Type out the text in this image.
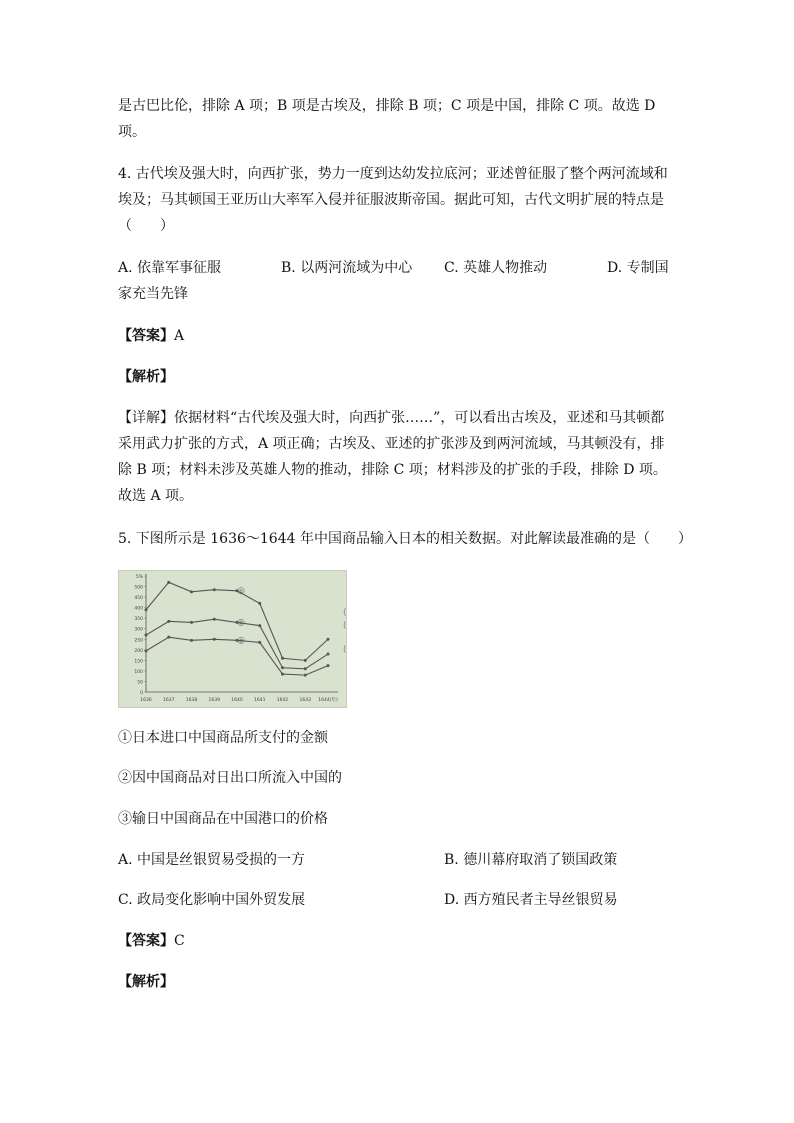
是古巴比伦，排除 A 项；B 项是古埃及，排除 B 项；C 项是中国，排除 C 项。故选 D
项。
4. 古代埃及强大时，向西扩张，势力一度到达幼发拉底河；亚述曾征服了整个两河流域和
埃及；马其顿国王亚历山大率军入侵并征服波斯帝国。据此可知，古代文明扩展的特点是
（　　）
A. 依靠军事征服	B. 以两河流域为中心 C. 英雄人物推动	D. 专制国
家充当先锋
【答案】A
【解析】
【详解】依据材料“古代埃及强大时，向西扩张……”，可以看出古埃及，亚述和马其顿都
采用武力扩张的方式，A 项正确；古埃及、亚述的扩张涉及到两河流域，马其顿没有，排
除 B 项；材料未涉及英雄人物的推动，排除 C 项；材料涉及的扩张的手段，排除 D 项。
故选 A 项。
5. 下图所示是 1636～1644 年中国商品输入日本的相关数据。对此解读最准确的是（　　）
0
50
100
150
200
250
300
350
400
450
500
5%
1636	1637	1638	1639	1640	1641	1642	1643 1644(年)
①
②
③
(
(
(
①日本进口中国商品所支付的金额
②因中国商品对日出口所流入中国的
③输日中国商品在中国港口的价格
A. 中国是丝银贸易受损的一方	B. 德川幕府取消了锁国政策
C. 政局变化影响中国外贸发展	D. 西方殖民者主导丝银贸易
【答案】C
【解析】
